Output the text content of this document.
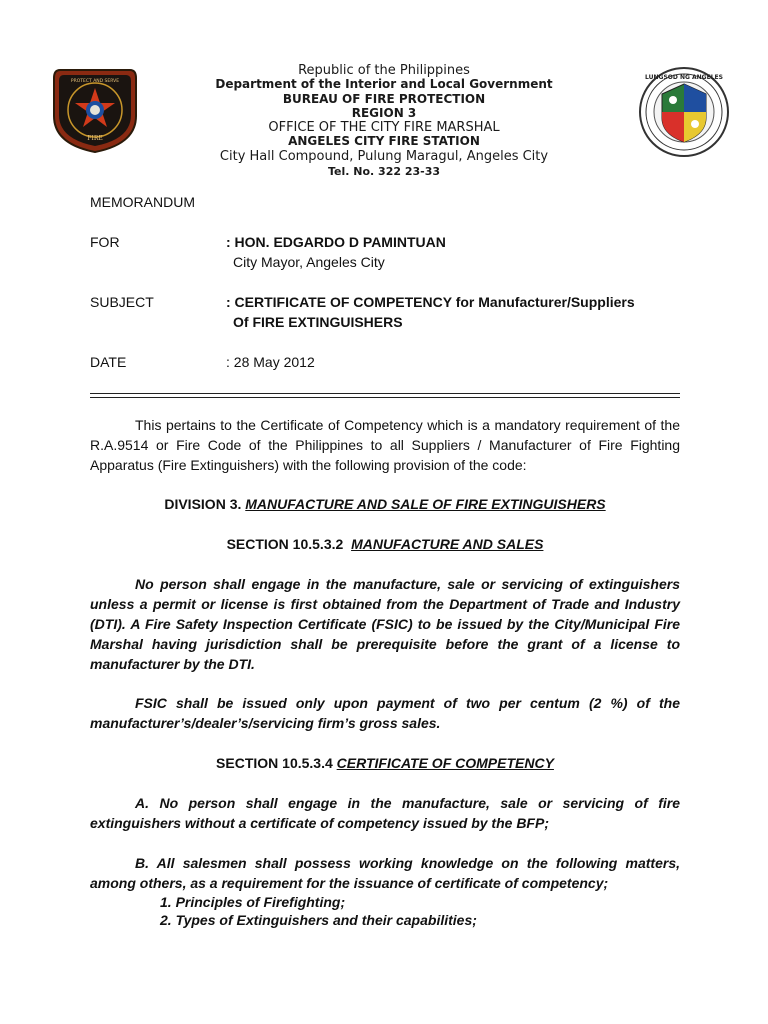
PROTECT AND SERVE
FIRE
LUNGSOD NG ANGELES
Republic of the Philippines
Department of the Interior and Local Government
BUREAU OF FIRE PROTECTION
REGION 3
OFFICE OF THE CITY FIRE MARSHAL
ANGELES CITY FIRE STATION
City Hall Compound, Pulung Maragul, Angeles City
Tel. No. 322 23-33
MEMORANDUM
FOR	: HON. EDGARDO D PAMINTUAN
City Mayor, Angeles City
SUBJECT	: CERTIFICATE OF COMPETENCY for Manufacturer/Suppliers
Of FIRE EXTINGUISHERS
DATE	: 28 May 2012
This pertains to the Certificate of Competency which is a mandatory requirement of the R.A.9514 or Fire Code of the Philippines to all Suppliers / Manufacturer of Fire Fighting Apparatus (Fire Extinguishers) with the following provision of the code:
DIVISION 3. MANUFACTURE AND SALE OF FIRE EXTINGUISHERS
SECTION 10.5.3.2 MANUFACTURE AND SALES
No person shall engage in the manufacture, sale or servicing of extinguishers unless a permit or license is first obtained from the Department of Trade and Industry (DTI). A Fire Safety Inspection Certificate (FSIC) to be issued by the City/Municipal Fire Marshal having jurisdiction shall be prerequisite before the grant of a license to manufacturer by the DTI.
FSIC shall be issued only upon payment of two per centum (2 %) of the manufacturer’s/dealer’s/servicing firm’s gross sales.
SECTION 10.5.3.4 CERTIFICATE OF COMPETENCY
A. No person shall engage in the manufacture, sale or servicing of fire extinguishers without a certificate of competency issued by the BFP;
B. All salesmen shall possess working knowledge on the following matters, among others, as a requirement for the issuance of certificate of competency;
1. Principles of Firefighting;
2. Types of Extinguishers and their capabilities;
